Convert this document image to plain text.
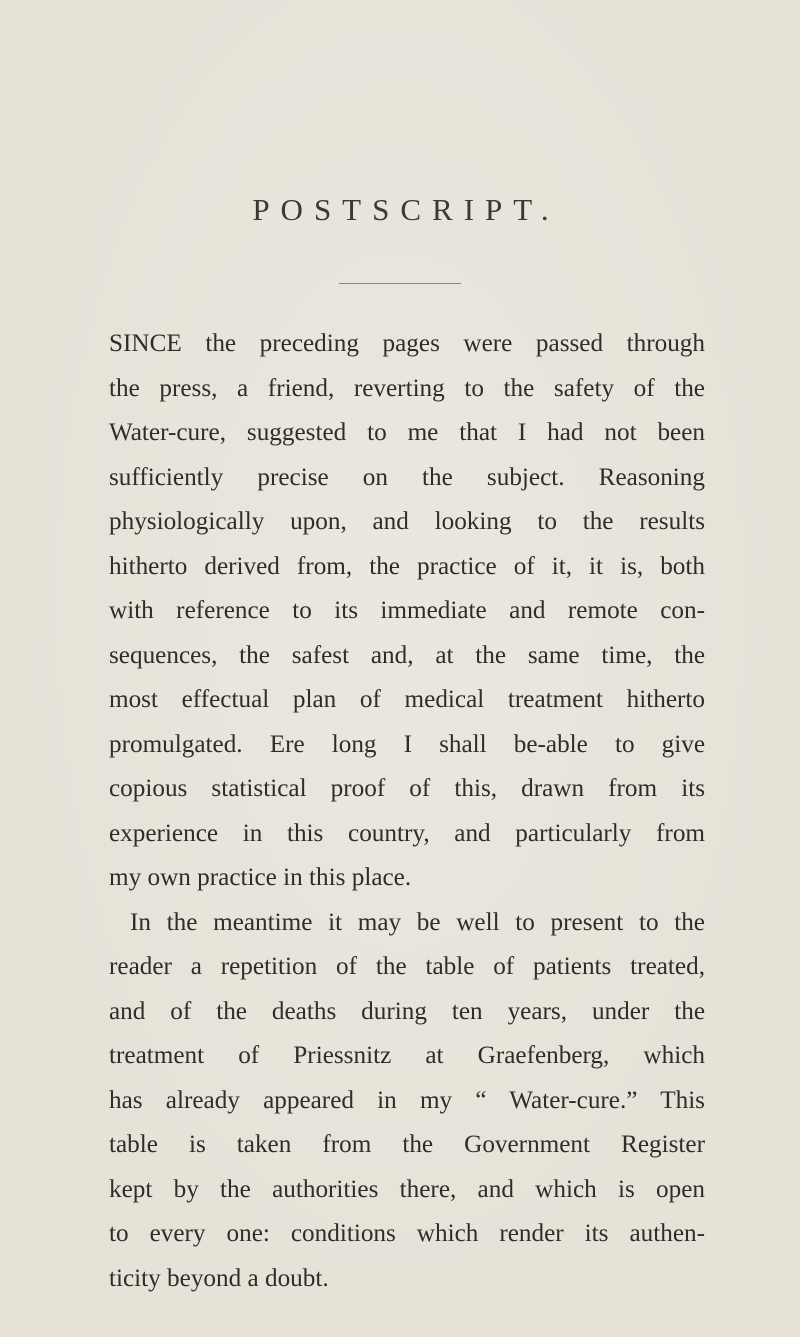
POSTSCRIPT.
SINCE the preceding pages were passed through
the press, a friend, reverting to the safety of the
Water-cure, suggested to me that I had not been
sufficiently precise on the subject. Reasoning
physiologically upon, and looking to the results
hitherto derived from, the practice of it, it is, both
with reference to its immediate and remote con-
sequences, the safest and, at the same time, the
most effectual plan of medical treatment hitherto
promulgated. Ere long I shall be-able to give
copious statistical proof of this, drawn from its
experience in this country, and particularly from
my own practice in this place.
In the meantime it may be well to present to the
reader a repetition of the table of patients treated,
and of the deaths during ten years, under the
treatment of Priessnitz at Graefenberg, which
has already appeared in my “ Water-cure.” This
table is taken from the Government Register
kept by the authorities there, and which is open
to every one: conditions which render its authen-
ticity beyond a doubt.
